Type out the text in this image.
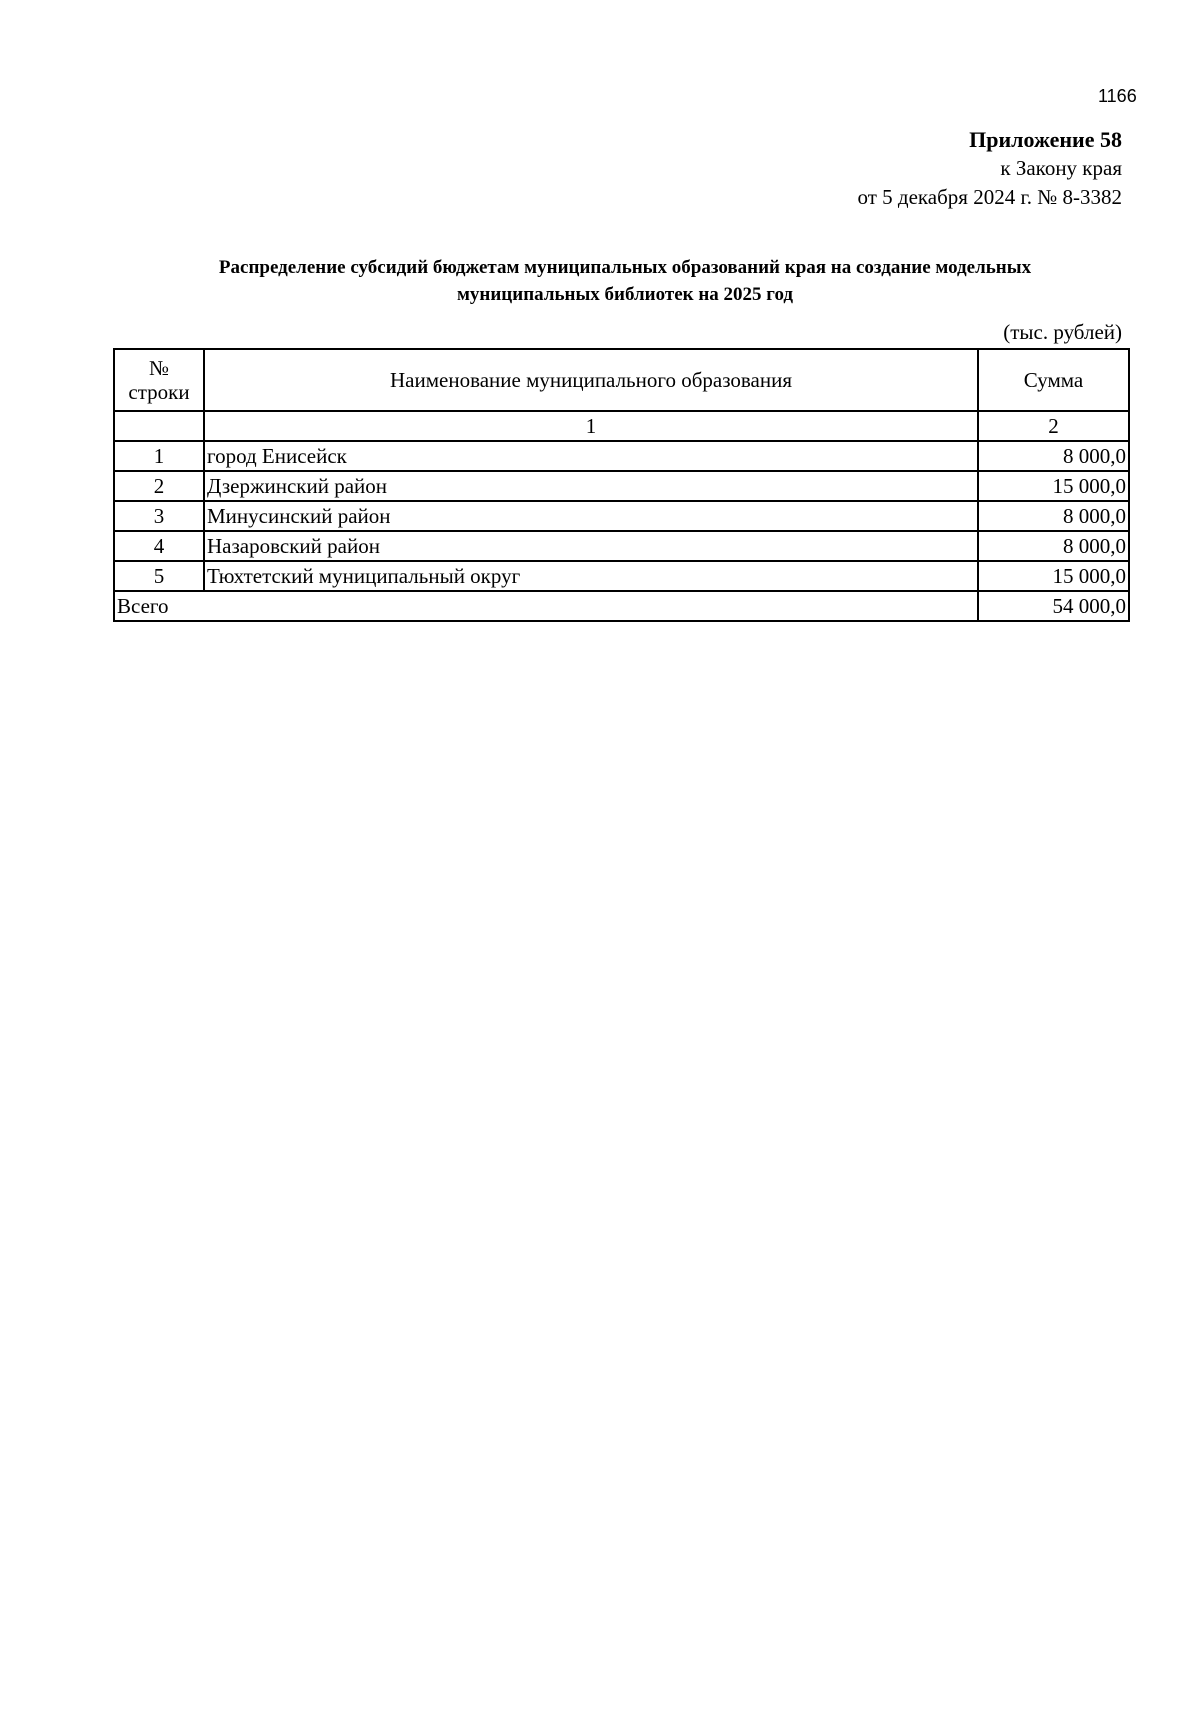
1166
Приложение 58
к Закону края
от 5 декабря 2024 г. № 8-3382
Распределение субсидий бюджетам муниципальных образований края на создание модельных
муниципальных библиотек на 2025 год
(тыс. рублей)
№
строки	Наименование муниципального образования	Сумма
	1	2
1	город Енисейск	8 000,0
2	Дзержинский район	15 000,0
3	Минусинский район	8 000,0
4	Назаровский район	8 000,0
5	Тюхтетский муниципальный округ	15 000,0
Всего		54 000,0
